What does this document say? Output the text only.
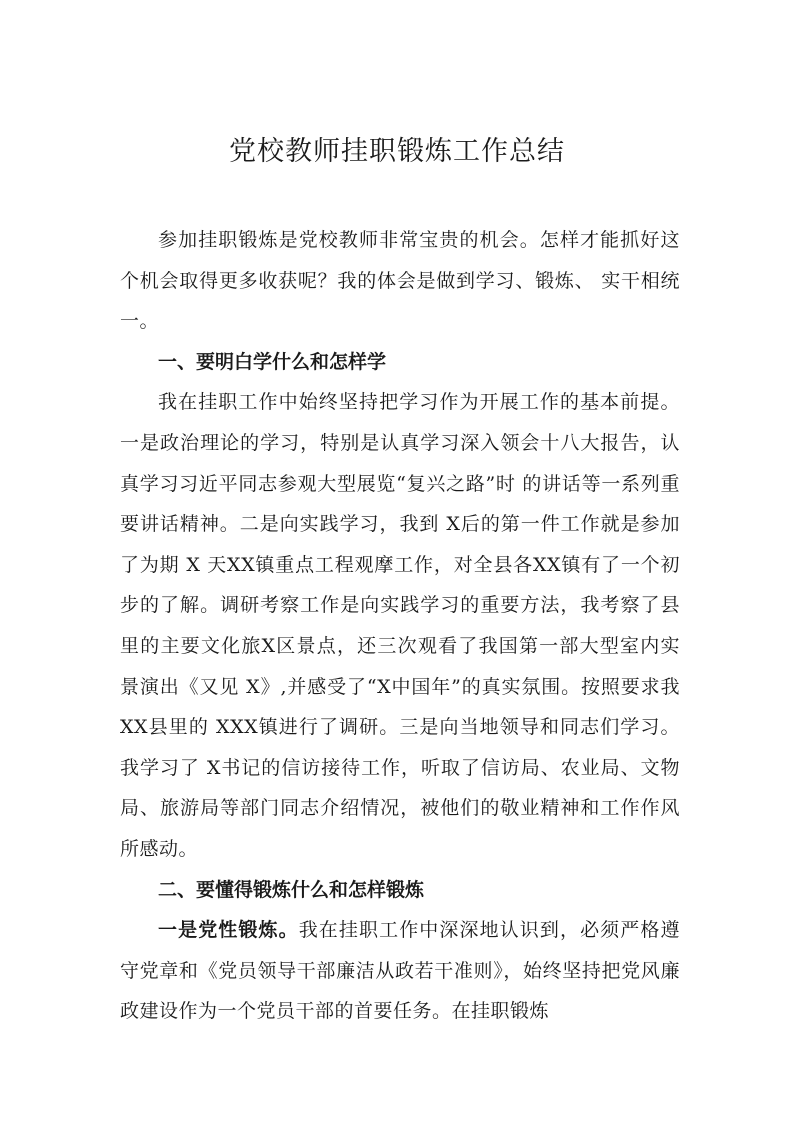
党校教师挂职锻炼工作总结

参加挂职锻炼是党校教师非常宝贵的机会。怎样才能抓好这个机会取得更多收获呢？我的体会是做到学习、锻炼、 实干相统一。

一、要明白学什么和怎样学

我在挂职工作中始终坚持把学习作为开展工作的基本前提。一是政治理论的学习，特别是认真学习深入领会十八大报告，认真学习习近平同志参观大型展览“复兴之路”时 的讲话等一系列重要讲话精神。二是向实践学习，我到 X后的第一件工作就是参加了为期 X 天XX镇重点工程观摩工作，对全县各XX镇有了一个初步的了解。调研考察工作是向实践学习的重要方法，我考察了县里的主要文化旅X区景点，还三次观看了我国第一部大型室内实景演出《又见 X》,并感受了“X中国年”的真实氛围。按照要求我XX县里的 XXX镇进行了调研。三是向当地领导和同志们学习。我学习了 X书记的信访接待工作，听取了信访局、农业局、文物局、旅游局等部门同志介绍情况，被他们的敬业精神和工作作风所感动。

二、要懂得锻炼什么和怎样锻炼

一是党性锻炼。我在挂职工作中深深地认识到，必须严格遵守党章和《党员领导干部廉洁从政若干准则》，始终坚持把党风廉政建设作为一个党员干部的首要任务。在挂职锻炼
